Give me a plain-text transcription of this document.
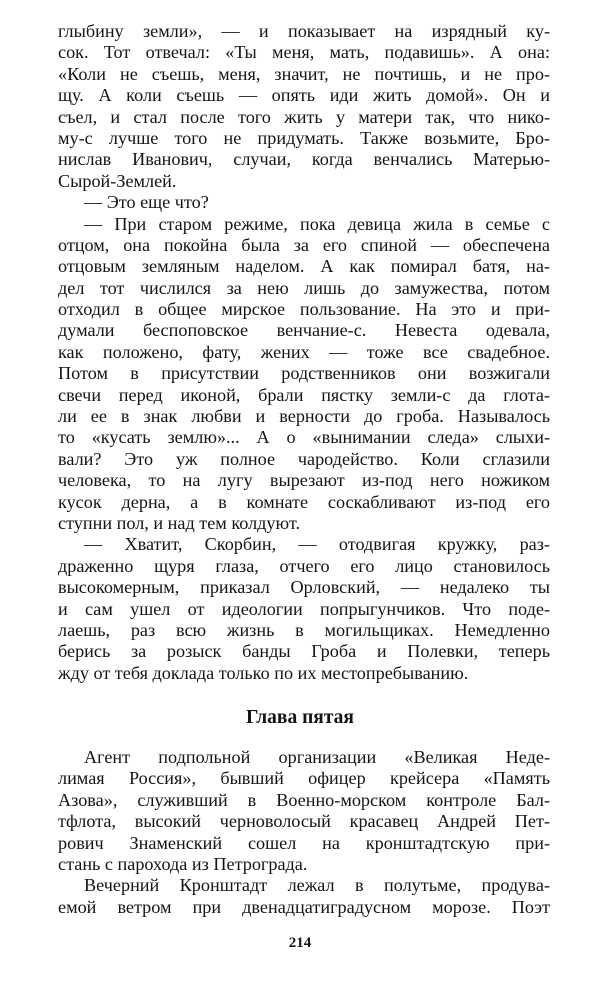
глыбину земли», — и показывает на изрядный ку-
сок. Тот отвечал: «Ты меня, мать, подавишь». А она:
«Коли не съешь, меня, значит, не почтишь, и не про-
щу. А коли съешь — опять иди жить домой». Он и
съел, и стал после того жить у матери так, что нико-
му-с лучше того не придумать. Также возьмите, Бро-
нислав Иванович, случаи, когда венчались Матерью-
Сырой-Землей.
— Это еще что?
— При старом режиме, пока девица жила в семье с
отцом, она покойна была за его спиной — обеспечена
отцовым земляным наделом. А как помирал батя, на-
дел тот числился за нею лишь до замужества, потом
отходил в общее мирское пользование. На это и при-
думали беспоповское венчание-с. Невеста одевала,
как положено, фату, жених — тоже все свадебное.
Потом в присутствии родственников они возжигали
свечи перед иконой, брали пястку земли-с да глота-
ли ее в знак любви и верности до гроба. Называлось
то «кусать землю»... А о «вынимании следа» слыхи-
вали? Это уж полное чародейство. Коли сглазили
человека, то на лугу вырезают из-под него ножиком
кусок дерна, а в комнате соскабливают из-под его
ступни пол, и над тем колдуют.
— Хватит, Скорбин, — отодвигая кружку, раз-
драженно щуря глаза, отчего его лицо становилось
высокомерным, приказал Орловский, — недалеко ты
и сам ушел от идеологии попрыгунчиков. Что поде-
лаешь, раз всю жизнь в могильщиках. Немедленно
берись за розыск банды Гроба и Полевки, теперь
жду от тебя доклада только по их местопребыванию.
Глава пятая
Агент подпольной организации «Великая Неде-
лимая Россия», бывший офицер крейсера «Память
Азова», служивший в Военно-морском контроле Бал-
тфлота, высокий черноволосый красавец Андрей Пет-
рович Знаменский сошел на кронштадтскую при-
стань с парохода из Петрограда.
Вечерний Кронштадт лежал в полутьме, продувa-
емой ветром при двенадцатиградусном морозе. Поэт
214
